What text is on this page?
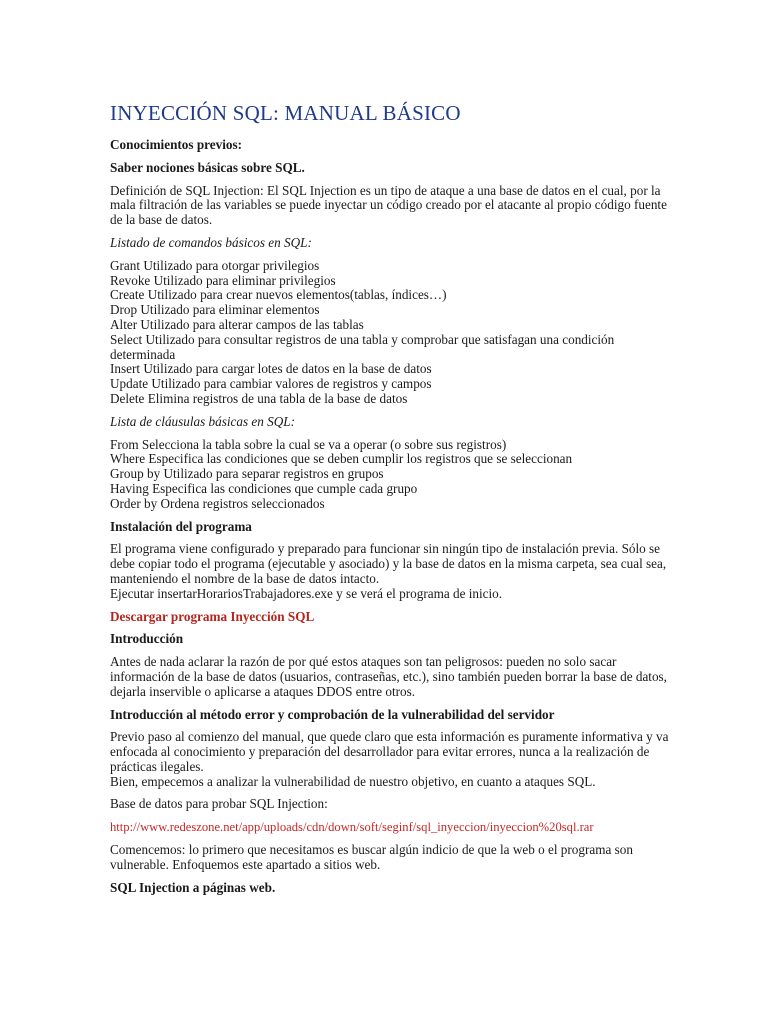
INYECCIÓN SQL: MANUAL BÁSICO
Conocimientos previos:
Saber nociones básicas sobre SQL.
Definición de SQL Injection: El SQL Injection es un tipo de ataque a una base de datos en el cual, por la mala filtración de las variables se puede inyectar un código creado por el atacante al propio código fuente de la base de datos.
Listado de comandos básicos en SQL:
Grant Utilizado para otorgar privilegios
Revoke Utilizado para eliminar privilegios
Create Utilizado para crear nuevos elementos(tablas, índices…)
Drop Utilizado para eliminar elementos
Alter Utilizado para alterar campos de las tablas
Select Utilizado para consultar registros de una tabla y comprobar que satisfagan una condición determinada
Insert Utilizado para cargar lotes de datos en la base de datos
Update Utilizado para cambiar valores de registros y campos
Delete Elimina registros de una tabla de la base de datos
Lista de cláusulas básicas en SQL:
From Selecciona la tabla sobre la cual se va a operar (o sobre sus registros)
Where Especifica las condiciones que se deben cumplir los registros que se seleccionan
Group by Utilizado para separar registros en grupos
Having Especifica las condiciones que cumple cada grupo
Order by Ordena registros seleccionados
Instalación del programa
El programa viene configurado y preparado para funcionar sin ningún tipo de instalación previa. Sólo se debe copiar todo el programa (ejecutable y asociado) y la base de datos en la misma carpeta, sea cual sea, manteniendo el nombre de la base de datos intacto.
Ejecutar insertarHorariosTrabajadores.exe y se verá el programa de inicio.
Descargar programa Inyección SQL
Introducción
Antes de nada aclarar la razón de por qué estos ataques son tan peligrosos: pueden no solo sacar información de la base de datos (usuarios, contraseñas, etc.), sino también pueden borrar la base de datos, dejarla inservible o aplicarse a ataques DDOS entre otros.
Introducción al método error y comprobación de la vulnerabilidad del servidor
Previo paso al comienzo del manual, que quede claro que esta información es puramente informativa y va enfocada al conocimiento y preparación del desarrollador para evitar errores, nunca a la realización de prácticas ilegales.
Bien, empecemos a analizar la vulnerabilidad de nuestro objetivo, en cuanto a ataques SQL.
Base de datos para probar SQL Injection:
http://www.redeszone.net/app/uploads/cdn/down/soft/seginf/sql_inyeccion/inyeccion%20sql.rar
Comencemos: lo primero que necesitamos es buscar algún indicio de que la web o el programa son vulnerable. Enfoquemos este apartado a sitios web.
SQL Injection a páginas web.
